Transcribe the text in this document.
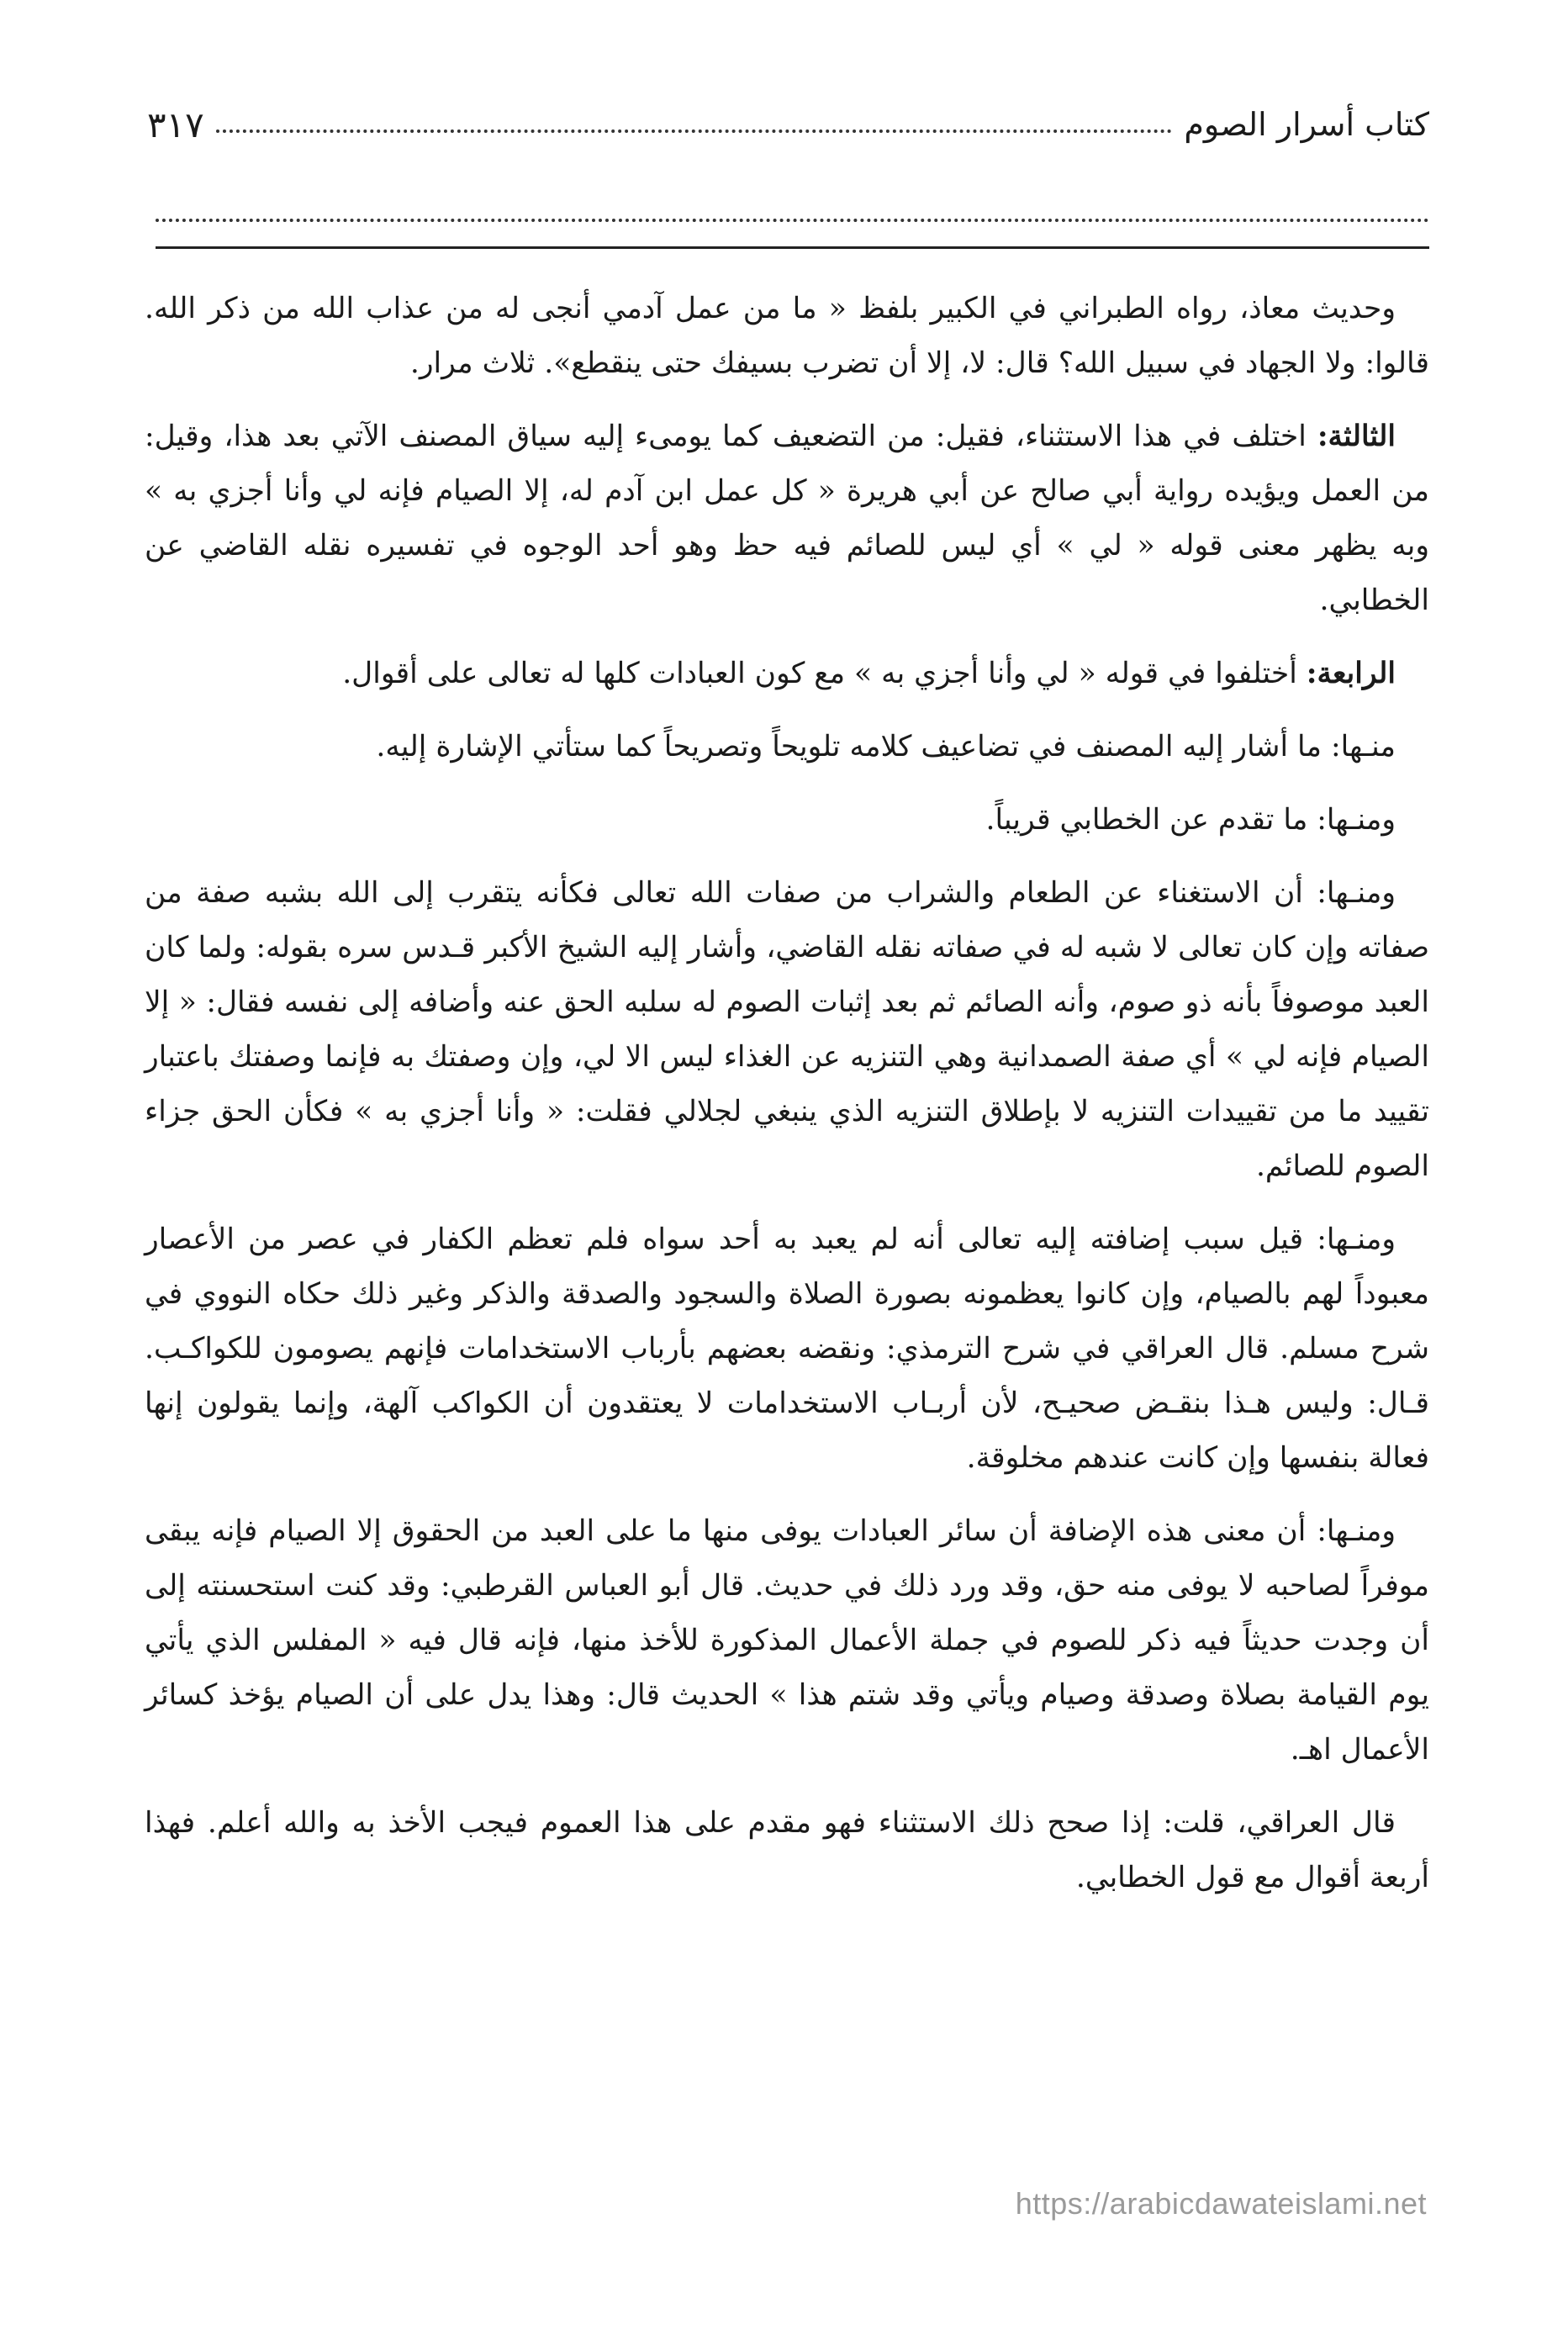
كتاب أسرار الصوم
٣١٧

وحديث معاذ، رواه الطبراني في الكبير بلفظ « ما من عمل آدمي أنجى له من عذاب الله من ذكر الله. قالوا: ولا الجهاد في سبيل الله؟ قال: لا، إلا أن تضرب بسيفك حتى ينقطع». ثلاث مرار.

الثالثة: اختلف في هذا الاستثناء، فقيل: من التضعيف كما يومىء إليه سياق المصنف الآتي بعد هذا، وقيل: من العمل ويؤيده رواية أبي صالح عن أبي هريرة « كل عمل ابن آدم له، إلا الصيام فإنه لي وأنا أجزي به » وبه يظهر معنى قوله « لي » أي ليس للصائم فيه حظ وهو أحد الوجوه في تفسيره نقله القاضي عن الخطابي.

الرابعة: أختلفوا في قوله « لي وأنا أجزي به » مع كون العبادات كلها له تعالى على أقوال.

منـها: ما أشار إليه المصنف في تضاعيف كلامه تلويحاً وتصريحاً كما ستأتي الإشارة إليه.

ومنـها: ما تقدم عن الخطابي قريباً.

ومنـها: أن الاستغناء عن الطعام والشراب من صفات الله تعالى فكأنه يتقرب إلى الله بشبه صفة من صفاته وإن كان تعالى لا شبه له في صفاته نقله القاضي، وأشار إليه الشيخ الأكبر قـدس سره بقوله: ولما كان العبد موصوفاً بأنه ذو صوم، وأنه الصائم ثم بعد إثبات الصوم له سلبه الحق عنه وأضافه إلى نفسه فقال: « إلا الصيام فإنه لي » أي صفة الصمدانية وهي التنزيه عن الغذاء ليس الا لي، وإن وصفتك به فإنما وصفتك باعتبار تقييد ما من تقييدات التنزيه لا بإطلاق التنزيه الذي ينبغي لجلالي فقلت: « وأنا أجزي به » فكأن الحق جزاء الصوم للصائم.

ومنـها: قيل سبب إضافته إليه تعالى أنه لم يعبد به أحد سواه فلم تعظم الكفار في عصر من الأعصار معبوداً لهم بالصيام، وإن كانوا يعظمونه بصورة الصلاة والسجود والصدقة والذكر وغير ذلك حكاه النووي في شرح مسلم. قال العراقي في شرح الترمذي: ونقضه بعضهم بأرباب الاستخدامات فإنهم يصومون للكواكـب. قـال: وليس هـذا بنقـض صحيـح، لأن أربـاب الاستخدامات لا يعتقدون أن الكواكب آلهة، وإنما يقولون إنها فعالة بنفسها وإن كانت عندهم مخلوقة.

ومنـها: أن معنى هذه الإضافة أن سائر العبادات يوفى منها ما على العبد من الحقوق إلا الصيام فإنه يبقى موفراً لصاحبه لا يوفى منه حق، وقد ورد ذلك في حديث. قال أبو العباس القرطبي: وقد كنت استحسنته إلى أن وجدت حديثاً فيه ذكر للصوم في جملة الأعمال المذكورة للأخذ منها، فإنه قال فيه « المفلس الذي يأتي يوم القيامة بصلاة وصدقة وصيام ويأتي وقد شتم هذا » الحديث قال: وهذا يدل على أن الصيام يؤخذ كسائر الأعمال اهـ.

قال العراقي، قلت: إذا صحح ذلك الاستثناء فهو مقدم على هذا العموم فيجب الأخذ به والله أعلم. فهذا أربعة أقوال مع قول الخطابي.

https://arabicdawateislami.net
